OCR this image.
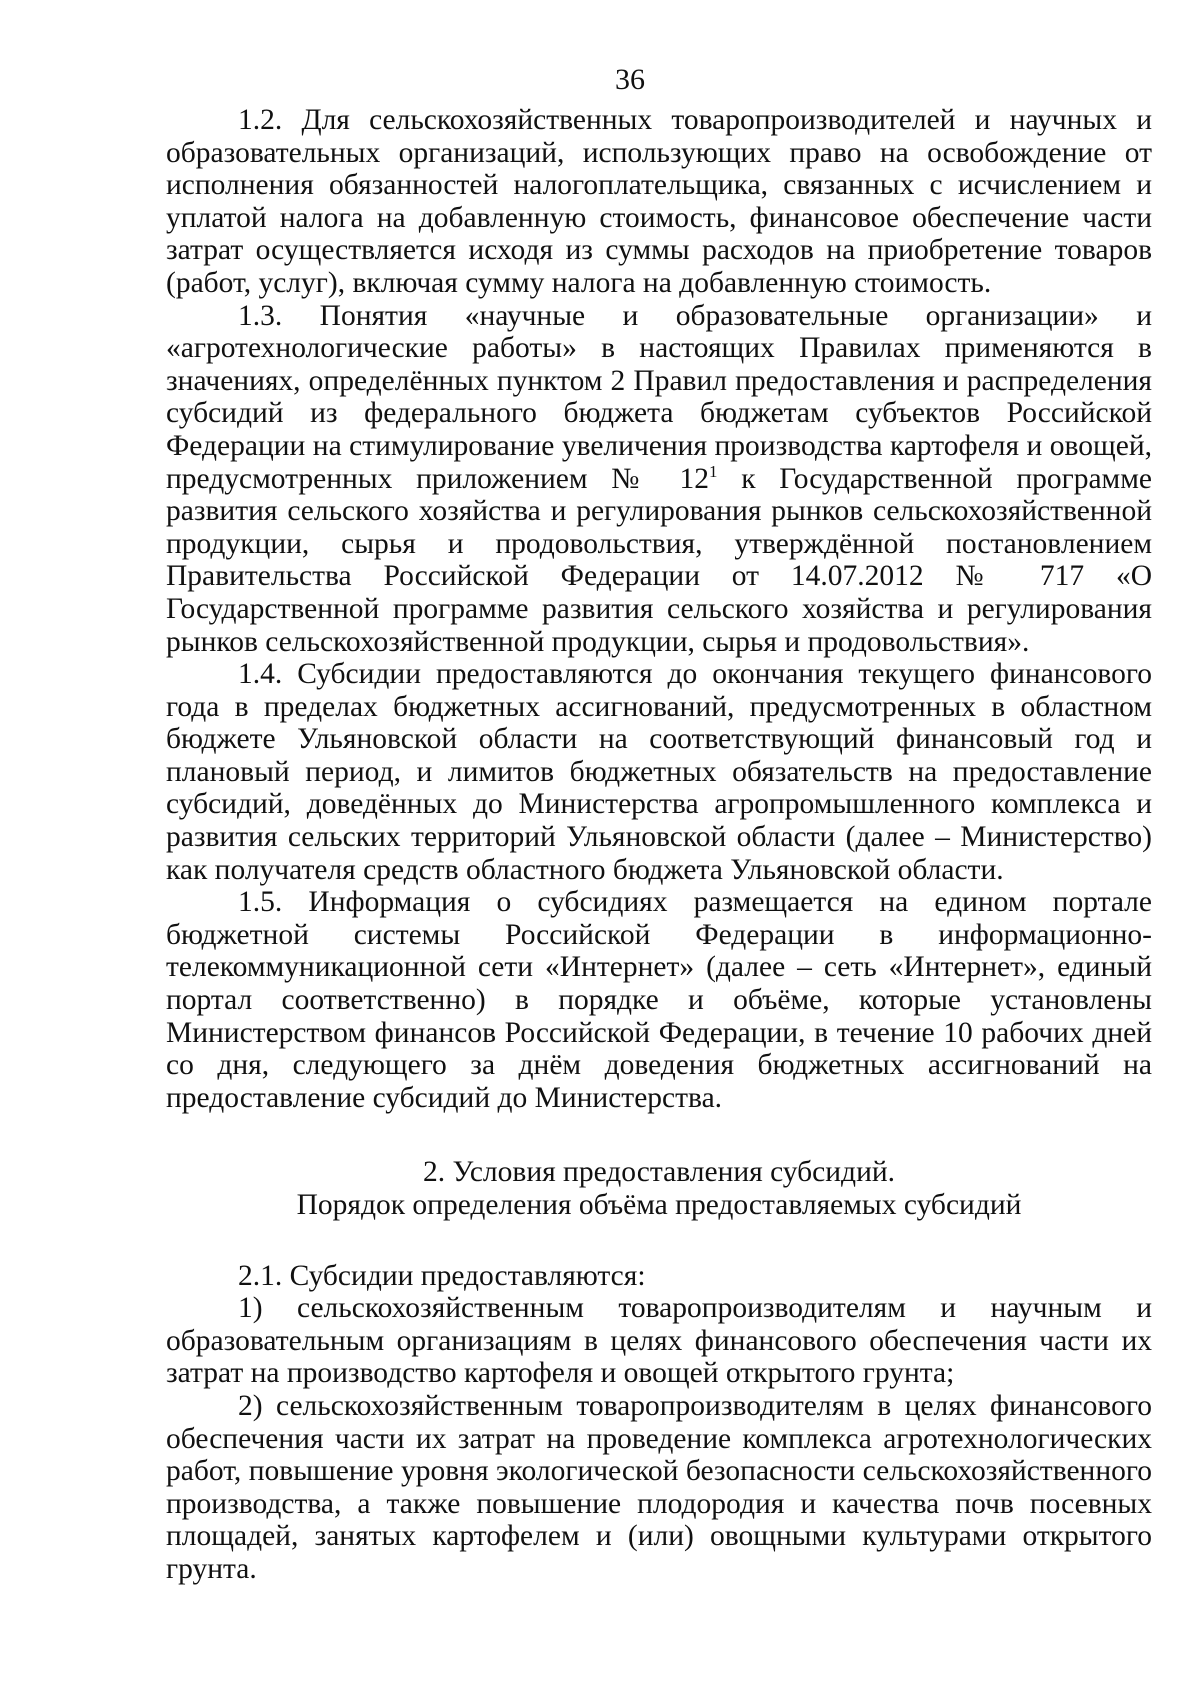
36

1.2. Для сельскохозяйственных товаропроизводителей и научных и образовательных организаций, использующих право на освобождение от исполнения обязанностей налогоплательщика, связанных с исчислением и уплатой налога на добавленную стоимость, финансовое обеспечение части затрат осуществляется исходя из суммы расходов на приобретение товаров (работ, услуг), включая сумму налога на добавленную стоимость.

1.3. Понятия «научные и образовательные организации» и «агротехнологические работы» в настоящих Правилах применяются в значениях, определённых пунктом 2 Правил предоставления и распределения субсидий из федерального бюджета бюджетам субъектов Российской Федерации на стимулирование увеличения производства картофеля и овощей, предусмотренных приложением № $12^1$ к Государственной программе развития сельского хозяйства и регулирования рынков сельскохозяйственной продукции, сырья и продовольствия, утверждённой постановлением Правительства Российской Федерации от 14.07.2012 № 717 «О Государственной программе развития сельского хозяйства и регулирования рынков сельскохозяйственной продукции, сырья и продовольствия».

1.4. Субсидии предоставляются до окончания текущего финансового года в пределах бюджетных ассигнований, предусмотренных в областном бюджете Ульяновской области на соответствующий финансовый год и плановый период, и лимитов бюджетных обязательств на предоставление субсидий, доведённых до Министерства агропромышленного комплекса и развития сельских территорий Ульяновской области (далее – Министерство) как получателя средств областного бюджета Ульяновской области.

1.5. Информация о субсидиях размещается на едином портале бюджетной системы Российской Федерации в информационно-телекоммуникационной сети «Интернет» (далее – сеть «Интернет», единый портал соответственно) в порядке и объёме, которые установлены Министерством финансов Российской Федерации, в течение 10 рабочих дней со дня, следующего за днём доведения бюджетных ассигнований на предоставление субсидий до Министерства.

2. Условия предоставления субсидий.
Порядок определения объёма предоставляемых субсидий

2.1. Субсидии предоставляются:

1) сельскохозяйственным товаропроизводителям и научным и образовательным организациям в целях финансового обеспечения части их затрат на производство картофеля и овощей открытого грунта;

2) сельскохозяйственным товаропроизводителям в целях финансового обеспечения части их затрат на проведение комплекса агротехнологических работ, повышение уровня экологической безопасности сельскохозяйственного производства, а также повышение плодородия и качества почв посевных площадей, занятых картофелем и (или) овощными культурами открытого грунта.
